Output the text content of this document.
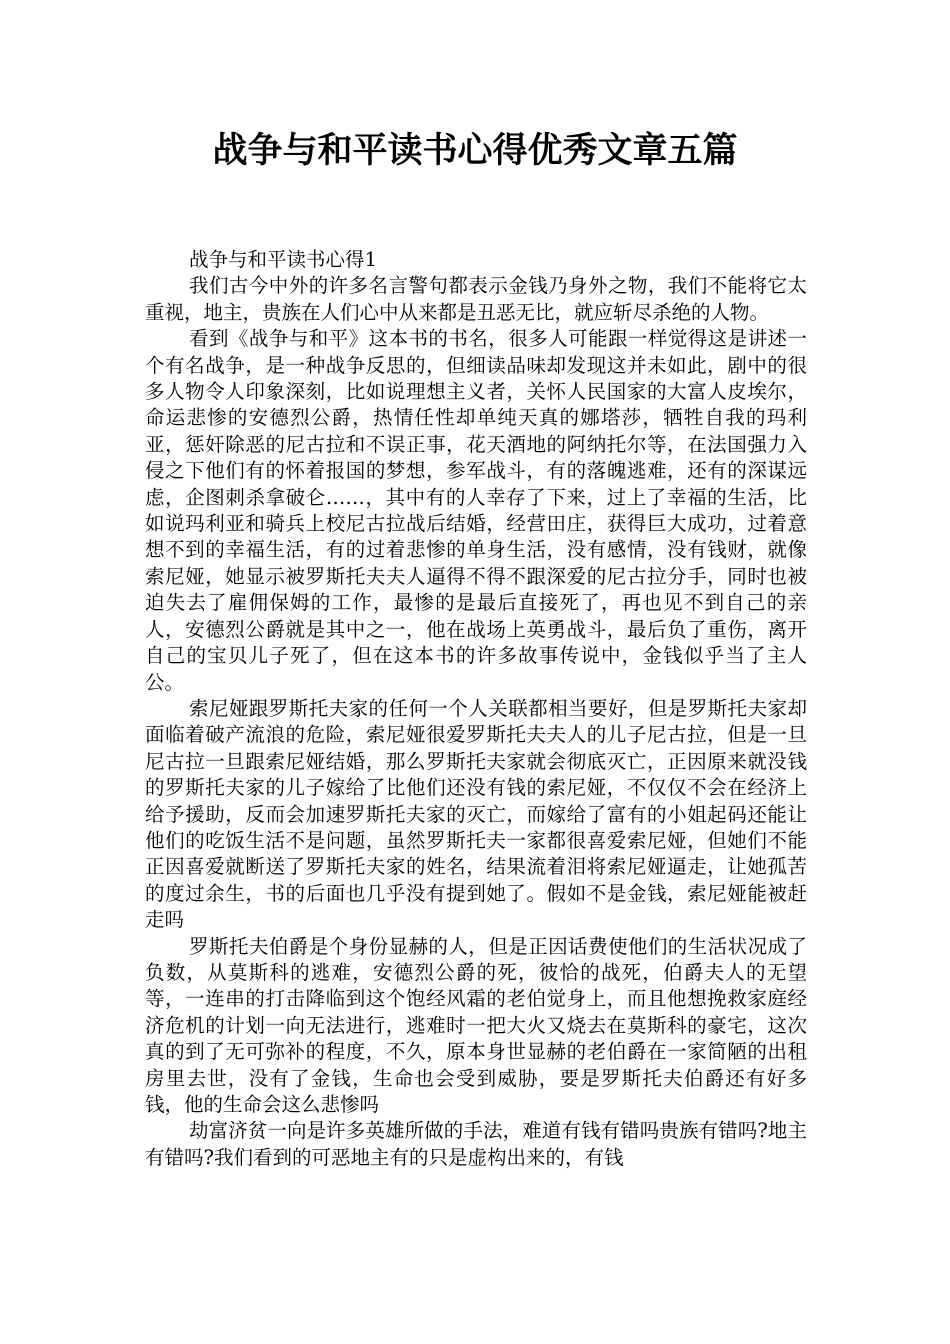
战争与和平读书心得优秀文章五篇

战争与和平读书心得1

我们古今中外的许多名言警句都表示金钱乃身外之物，我们不能将它太重视，地主，贵族在人们心中从来都是丑恶无比，就应斩尽杀绝的人物。

看到《战争与和平》这本书的书名，很多人可能跟一样觉得这是讲述一个有名战争，是一种战争反思的，但细读品味却发现这并未如此，剧中的很多人物令人印象深刻，比如说理想主义者，关怀人民国家的大富人皮埃尔，命运悲惨的安德烈公爵，热情任性却单纯天真的娜塔莎，牺牲自我的玛利亚，惩奸除恶的尼古拉和不误正事，花天酒地的阿纳托尔等，在法国强力入侵之下他们有的怀着报国的梦想，参军战斗，有的落魄逃难，还有的深谋远虑，企图刺杀拿破仑……，其中有的人幸存了下来，过上了幸福的生活，比如说玛利亚和骑兵上校尼古拉战后结婚，经营田庄，获得巨大成功，过着意想不到的幸福生活，有的过着悲惨的单身生活，没有感情，没有钱财，就像索尼娅，她显示被罗斯托夫夫人逼得不得不跟深爱的尼古拉分手，同时也被迫失去了雇佣保姆的工作，最惨的是最后直接死了，再也见不到自己的亲人，安德烈公爵就是其中之一，他在战场上英勇战斗，最后负了重伤，离开自己的宝贝儿子死了，但在这本书的许多故事传说中，金钱似乎当了主人公。

索尼娅跟罗斯托夫家的任何一个人关联都相当要好，但是罗斯托夫家却面临着破产流浪的危险，索尼娅很爱罗斯托夫夫人的儿子尼古拉，但是一旦尼古拉一旦跟索尼娅结婚，那么罗斯托夫家就会彻底灭亡，正因原来就没钱的罗斯托夫家的儿子嫁给了比他们还没有钱的索尼娅，不仅仅不会在经济上给予援助，反而会加速罗斯托夫家的灭亡，而嫁给了富有的小姐起码还能让他们的吃饭生活不是问题，虽然罗斯托夫一家都很喜爱索尼娅，但她们不能正因喜爱就断送了罗斯托夫家的姓名，结果流着泪将索尼娅逼走，让她孤苦的度过余生，书的后面也几乎没有提到她了。假如不是金钱，索尼娅能被赶走吗

罗斯托夫伯爵是个身份显赫的人，但是正因话费使他们的生活状况成了负数，从莫斯科的逃难，安德烈公爵的死，彼恰的战死，伯爵夫人的无望等，一连串的打击降临到这个饱经风霜的老伯觉身上，而且他想挽救家庭经济危机的计划一向无法进行，逃难时一把大火又烧去在莫斯科的豪宅，这次真的到了无可弥补的程度，不久，原本身世显赫的老伯爵在一家简陋的出租房里去世，没有了金钱，生命也会受到威胁，要是罗斯托夫伯爵还有好多钱，他的生命会这么悲惨吗

劫富济贫一向是许多英雄所做的手法，难道有钱有错吗贵族有错吗?地主有错吗?我们看到的可恶地主有的只是虚构出来的，有钱
